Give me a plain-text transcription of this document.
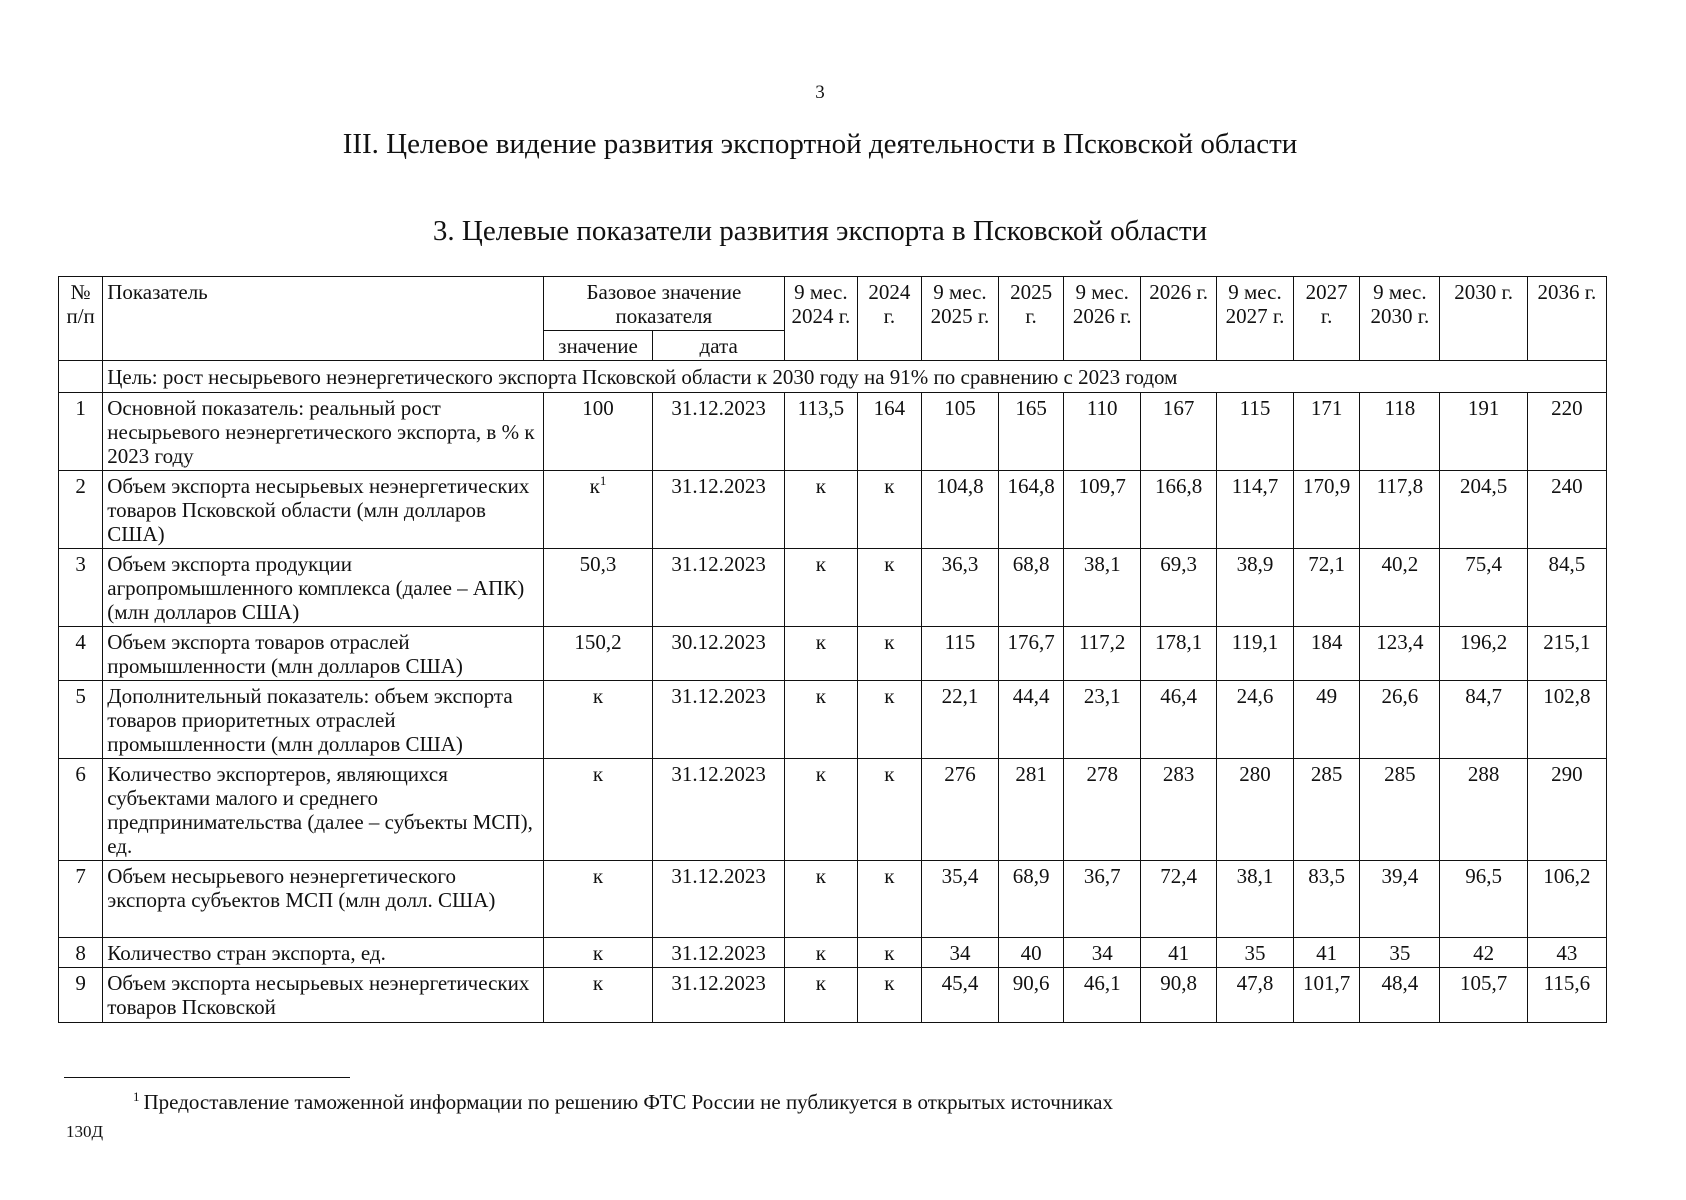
3
III. Целевое видение развития экспортной деятельности в Псковской области
3. Целевые показатели развития экспорта в Псковской области
№ п/п	Показатель	Базовое значение показателя		9 мес. 2024 г.	2024 г.	9 мес. 2025 г.	2025 г.	9 мес. 2026 г.	2026 г.	9 мес. 2027 г.	2027 г.	9 мес. 2030 г.	2030 г.	2036 г.
		значение	дата											
	Цель: рост несырьевого неэнергетического экспорта Псковской области к 2030 году на 91% по сравнению с 2023 годом													
1	Основной показатель: реальный рост несырьевого неэнергетического экспорта, в % к 2023 году	100	31.12.2023	113,5	164	105	165	110	167	115	171	118	191	220
2	Объем экспорта несырьевых неэнергетических товаров Псковской области (млн долларов США)	к$^1$	31.12.2023	к	к	104,8	164,8	109,7	166,8	114,7	170,9	117,8	204,5	240
3	Объем экспорта продукции агропромышленного комплекса (далее – АПК) (млн долларов США)	50,3	31.12.2023	к	к	36,3	68,8	38,1	69,3	38,9	72,1	40,2	75,4	84,5
4	Объем экспорта товаров отраслей промышленности (млн долларов США)	150,2	30.12.2023	к	к	115	176,7	117,2	178,1	119,1	184	123,4	196,2	215,1
5	Дополнительный показатель: объем экспорта товаров приоритетных отраслей промышленности (млн долларов США)	к	31.12.2023	к	к	22,1	44,4	23,1	46,4	24,6	49	26,6	84,7	102,8
6	Количество экспортеров, являющихся субъектами малого и среднего предпринимательства (далее – субъекты МСП), ед.	к	31.12.2023	к	к	276	281	278	283	280	285	285	288	290
7	Объем несырьевого неэнергетического экспорта субъектов МСП (млн долл. США)	к	31.12.2023	к	к	35,4	68,9	36,7	72,4	38,1	83,5	39,4	96,5	106,2
8	Количество стран экспорта, ед.	к	31.12.2023	к	к	34	40	34	41	35	41	35	42	43
9	Объем экспорта несырьевых неэнергетических товаров Псковской	к	31.12.2023	к	к	45,4	90,6	46,1	90,8	47,8	101,7	48,4	105,7	115,6
$^1$ Предоставление таможенной информации по решению ФТС России не публикуется в открытых источниках
130Д
